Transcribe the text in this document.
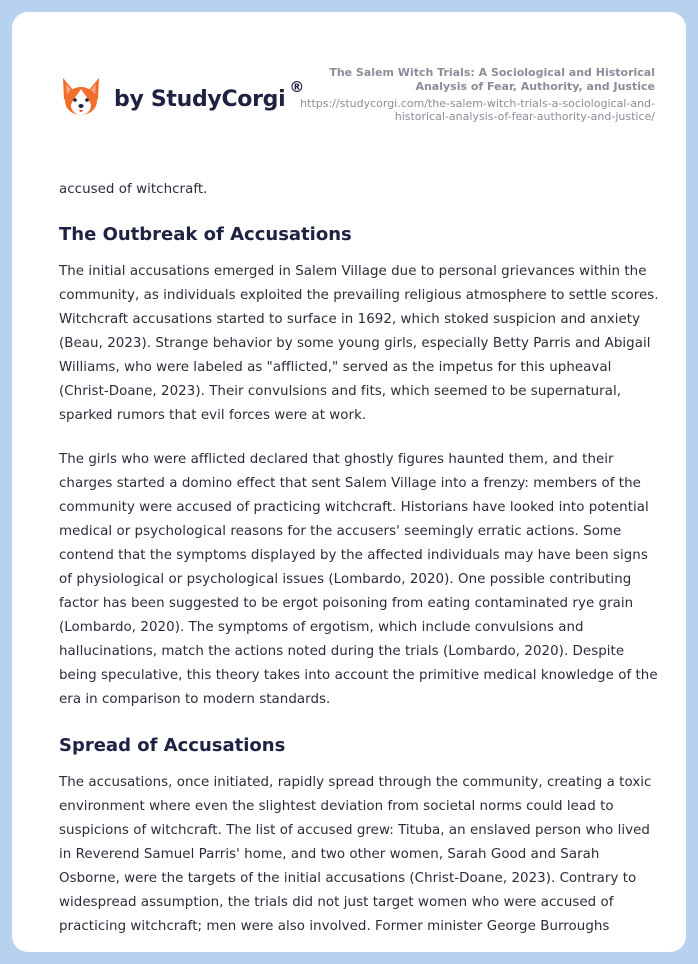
by StudyCorgi ®
The Salem Witch Trials: A Sociological and Historical Analysis of Fear, Authority, and Justice
https://studycorgi.com/the-salem-witch-trials-a-sociological-and-historical-analysis-of-fear-authority-and-justice/

accused of witchcraft.

The Outbreak of Accusations

The initial accusations emerged in Salem Village due to personal grievances within the community, as individuals exploited the prevailing religious atmosphere to settle scores. Witchcraft accusations started to surface in 1692, which stoked suspicion and anxiety (Beau, 2023). Strange behavior by some young girls, especially Betty Parris and Abigail Williams, who were labeled as "afflicted," served as the impetus for this upheaval (Christ-Doane, 2023). Their convulsions and fits, which seemed to be supernatural, sparked rumors that evil forces were at work.

The girls who were afflicted declared that ghostly figures haunted them, and their charges started a domino effect that sent Salem Village into a frenzy: members of the community were accused of practicing witchcraft. Historians have looked into potential medical or psychological reasons for the accusers' seemingly erratic actions. Some contend that the symptoms displayed by the affected individuals may have been signs of physiological or psychological issues (Lombardo, 2020). One possible contributing factor has been suggested to be ergot poisoning from eating contaminated rye grain (Lombardo, 2020). The symptoms of ergotism, which include convulsions and hallucinations, match the actions noted during the trials (Lombardo, 2020). Despite being speculative, this theory takes into account the primitive medical knowledge of the era in comparison to modern standards.

Spread of Accusations

The accusations, once initiated, rapidly spread through the community, creating a toxic environment where even the slightest deviation from societal norms could lead to suspicions of witchcraft. The list of accused grew: Tituba, an enslaved person who lived in Reverend Samuel Parris' home, and two other women, Sarah Good and Sarah Osborne, were the targets of the initial accusations (Christ-Doane, 2023). Contrary to widespread assumption, the trials did not just target women who were accused of practicing witchcraft; men were also involved. Former minister George Burroughs
